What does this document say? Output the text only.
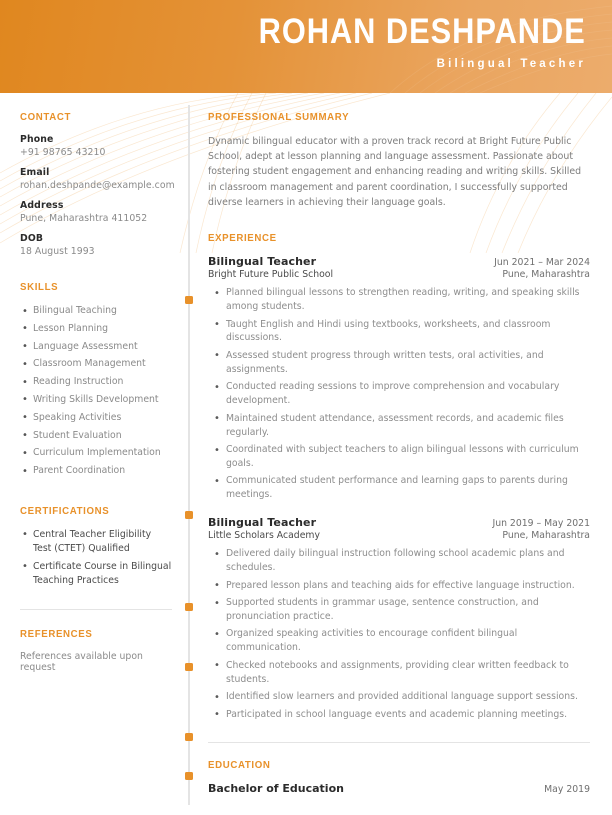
ROHAN DESHPANDE
Bilingual Teacher
CONTACT
Phone
+91 98765 43210
Email
rohan.deshpande@example.com
Address
Pune, Maharashtra 411052
DOB
18 August 1993
SKILLS
• Bilingual Teaching
• Lesson Planning
• Language Assessment
• Classroom Management
• Reading Instruction
• Writing Skills Development
• Speaking Activities
• Student Evaluation
• Curriculum Implementation
• Parent Coordination
CERTIFICATIONS
• Central Teacher Eligibility Test (CTET) Qualified
• Certificate Course in Bilingual Teaching Practices
REFERENCES
References available upon request
PROFESSIONAL SUMMARY
Dynamic bilingual educator with a proven track record at Bright Future Public School, adept at lesson planning and language assessment. Passionate about fostering student engagement and enhancing reading and writing skills. Skilled in classroom management and parent coordination, I successfully supported diverse learners in achieving their language goals.
EXPERIENCE
Bilingual Teacher	Jun 2021 – Mar 2024
Bright Future Public School	Pune, Maharashtra
• Planned bilingual lessons to strengthen reading, writing, and speaking skills among students.
• Taught English and Hindi using textbooks, worksheets, and classroom discussions.
• Assessed student progress through written tests, oral activities, and assignments.
• Conducted reading sessions to improve comprehension and vocabulary development.
• Maintained student attendance, assessment records, and academic files regularly.
• Coordinated with subject teachers to align bilingual lessons with curriculum goals.
• Communicated student performance and learning gaps to parents during meetings.
Bilingual Teacher	Jun 2019 – May 2021
Little Scholars Academy	Pune, Maharashtra
• Delivered daily bilingual instruction following school academic plans and schedules.
• Prepared lesson plans and teaching aids for effective language instruction.
• Supported students in grammar usage, sentence construction, and pronunciation practice.
• Organized speaking activities to encourage confident bilingual communication.
• Checked notebooks and assignments, providing clear written feedback to students.
• Identified slow learners and provided additional language support sessions.
• Participated in school language events and academic planning meetings.
EDUCATION
Bachelor of Education	May 2019
